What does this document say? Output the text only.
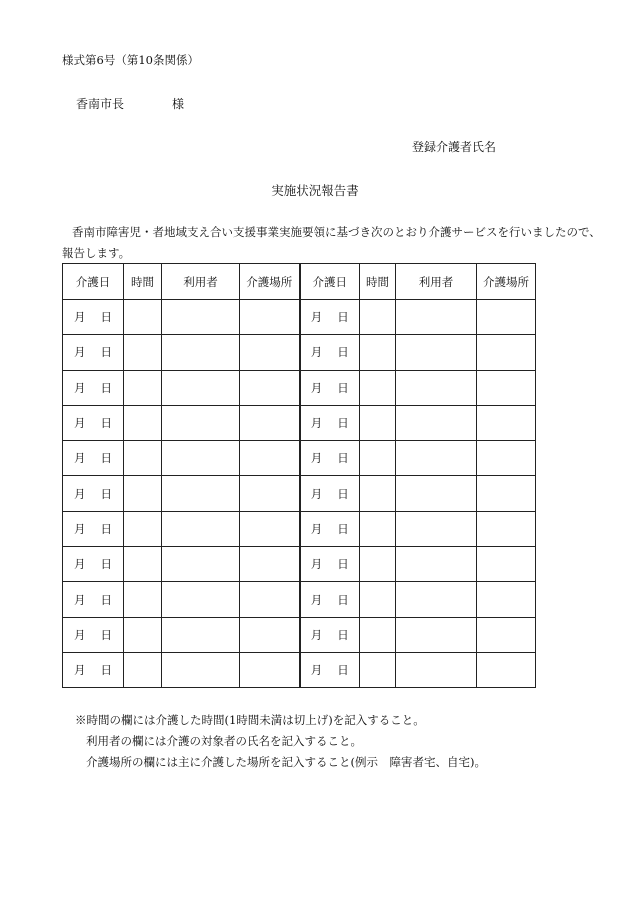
様式第6号（第10条関係）
香南市長	様
登録介護者氏名
実施状況報告書
香南市障害児・者地域支え合い支援事業実施要領に基づき次のとおり介護サービスを行いましたので、
報告します。
介護日	時間	利用者	介護場所	介護日	時間	利用者	介護場所
月 日				月 日			
月 日				月 日			
月 日				月 日			
月 日				月 日			
月 日				月 日			
月 日				月 日			
月 日				月 日			
月 日				月 日			
月 日				月 日			
月 日				月 日			
月 日				月 日			
※時間の欄には介護した時間(1時間未満は切上げ)を記入すること。
利用者の欄には介護の対象者の氏名を記入すること。
介護場所の欄には主に介護した場所を記入すること(例示　障害者宅、自宅)。
